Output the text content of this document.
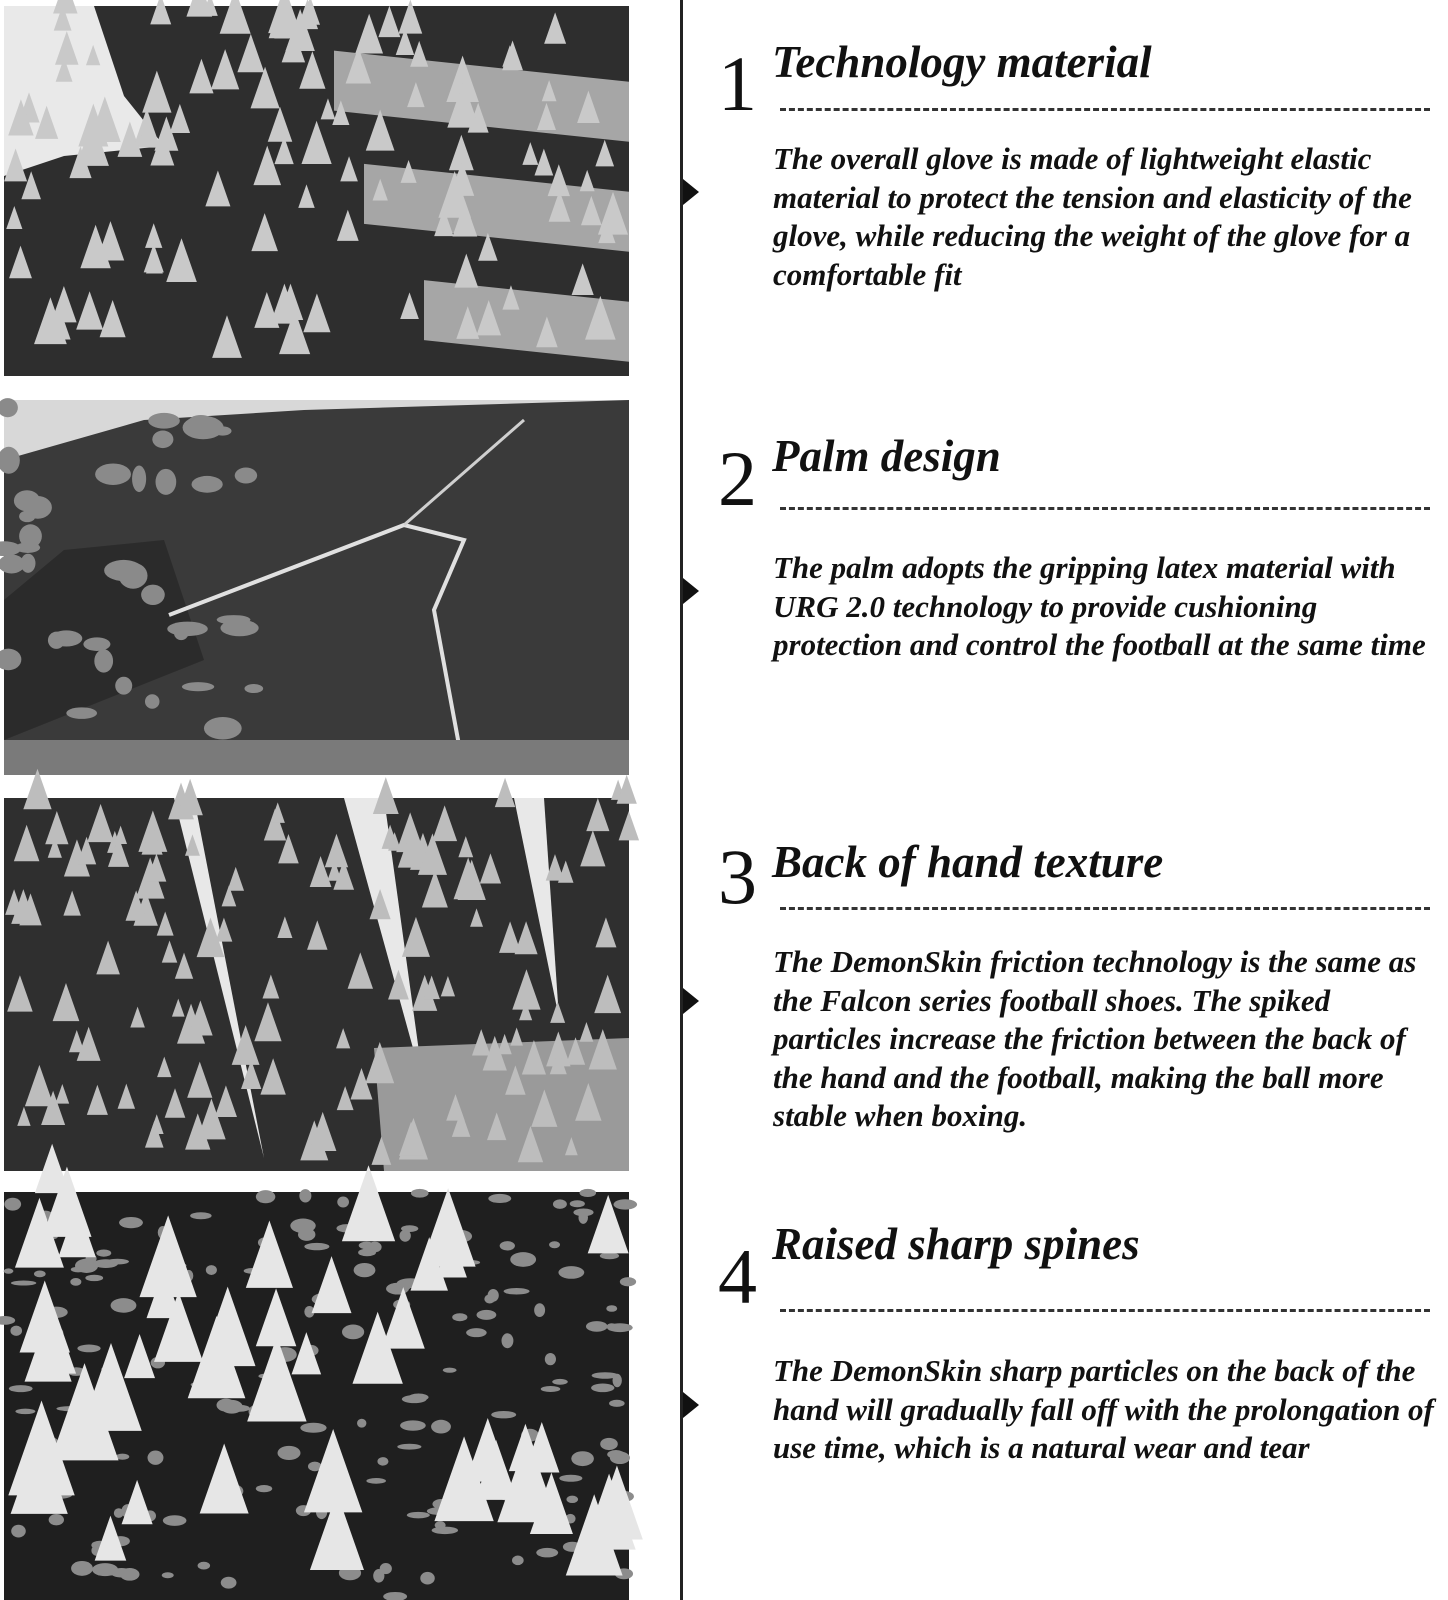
1 Technology material
The overall glove is made of lightweight elastic material to protect the tension and elasticity of the glove, while reducing the weight of the glove for a comfortable fit
2 Palm design
The palm adopts the gripping latex material with URG 2.0 technology to provide cushioning protection and control the football at the same time
3 Back of hand texture
The DemonSkin friction technology is the same as the Falcon series football shoes. The spiked particles increase the friction between the back of the hand and the football, making the ball more stable when boxing.
4 Raised sharp spines
The DemonSkin sharp particles on the back of the hand will gradually fall off with the prolongation of use time, which is a natural wear and tear
